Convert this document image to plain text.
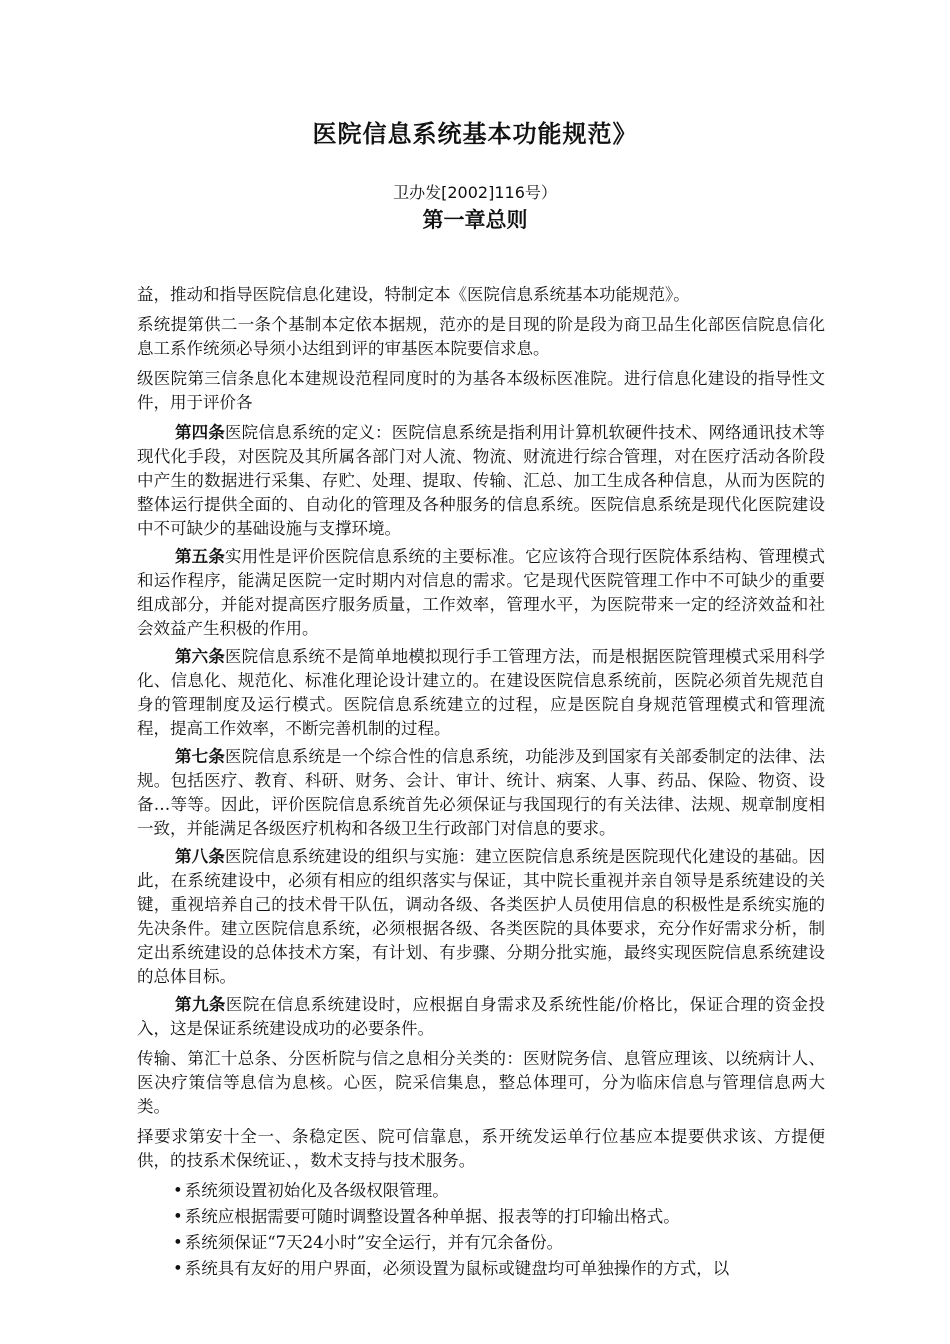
医院信息系统基本功能规范》
卫办发[2002]116号）
第一章总则

益，推动和指导医院信息化建设，特制定本《医院信息系统基本功能规范》。

系统提第供二一条个基制本定依本据规，范亦的是目现的阶是段为商卫品生化部医信院息信化息工系作统须必导须小达组到评的审基医本院要信求息。

级医院第三信条息化本建规设范程同度时的为基各本级标医准院。进行信息化建设的指导性文件，用于评价各

第四条医院信息系统的定义：医院信息系统是指利用计算机软硬件技术、网络通讯技术等现代化手段，对医院及其所属各部门对人流、物流、财流进行综合管理，对在医疗活动各阶段中产生的数据进行采集、存贮、处理、提取、传输、汇总、加工生成各种信息，从而为医院的整体运行提供全面的、自动化的管理及各种服务的信息系统。医院信息系统是现代化医院建设中不可缺少的基础设施与支撑环境。

第五条实用性是评价医院信息系统的主要标准。它应该符合现行医院体系结构、管理模式和运作程序，能满足医院一定时期内对信息的需求。它是现代医院管理工作中不可缺少的重要组成部分，并能对提高医疗服务质量，工作效率，管理水平，为医院带来一定的经济效益和社会效益产生积极的作用。

第六条医院信息系统不是简单地模拟现行手工管理方法，而是根据医院管理模式采用科学化、信息化、规范化、标准化理论设计建立的。在建设医院信息系统前，医院必须首先规范自身的管理制度及运行模式。医院信息系统建立的过程，应是医院自身规范管理模式和管理流程，提高工作效率，不断完善机制的过程。

第七条医院信息系统是一个综合性的信息系统，功能涉及到国家有关部委制定的法律、法规。包括医疗、教育、科研、财务、会计、审计、统计、病案、人事、药品、保险、物资、设备…等等。因此，评价医院信息系统首先必须保证与我国现行的有关法律、法规、规章制度相一致，并能满足各级医疗机构和各级卫生行政部门对信息的要求。

第八条医院信息系统建设的组织与实施：建立医院信息系统是医院现代化建设的基础。因此，在系统建设中，必须有相应的组织落实与保证，其中院长重视并亲自领导是系统建设的关键，重视培养自己的技术骨干队伍，调动各级、各类医护人员使用信息的积极性是系统实施的先决条件。建立医院信息系统，必须根据各级、各类医院的具体要求，充分作好需求分析，制定出系统建设的总体技术方案，有计划、有步骤、分期分批实施，最终实现医院信息系统建设的总体目标。

第九条医院在信息系统建设时，应根据自身需求及系统性能/价格比，保证合理的资金投入，这是保证系统建设成功的必要条件。

传输、第汇十总条、分医析院与信之息相分关类的：医财院务信、息管应理该、以统病计人、医决疗策信等息信为息核。心医，院采信集息，整总体理可，分为临床信息与管理信息两大类。

择要求第安十全一、条稳定医、院可信靠息，系开统发运单行位基应本提要供求该、方提便供，的技系术保统证、，数术支持与技术服务。

• 系统须设置初始化及各级权限管理。
• 系统应根据需要可随时调整设置各种单据、报表等的打印输出格式。
• 系统须保证“7天24小时”安全运行，并有冗余备份。
• 系统具有友好的用户界面，必须设置为鼠标或键盘均可单独操作的方式，以
